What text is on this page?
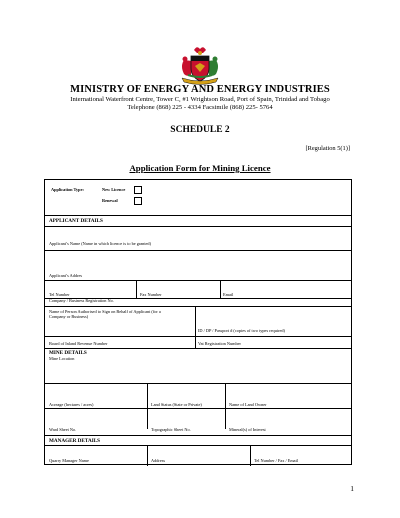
MINISTRY OF ENERGY AND ENERGY INDUSTRIES
International Waterfront Centre, Tower C, #1 Wrightson Road, Port of Spain, Trinidad and Tobago
Telephone (868) 225 - 4334 Facsimile (868) 225- 5764
SCHEDULE 2
[Regulation 5(1)]
Application Form for Mining Licence
Application Type:	New Licence
Renewal
APPLICANT DETAILS
Applicant’s Name (Name in which licence is to be granted)
Applicant’s Addres
Tel Number	Fax Number	Email
Company / Business Registration No.
Name of Person Authorised to Sign on Behalf of Applicant (for a
Company or Business)
ID / DP / Passport # (copies of two types required)
Board of Inland Revenue Number	Vat Registration Number
MINE DETAILS
Mine Location
Acreage (hectares / acres)	Land Status (State or Private)	Name of Land Owner
Ward Sheet No.	Topographic Sheet No.	Mineral(s) of Interest
MANAGER DETAILS
Quarry Manager Name	Address	Tel Number / Fax / Email
1
